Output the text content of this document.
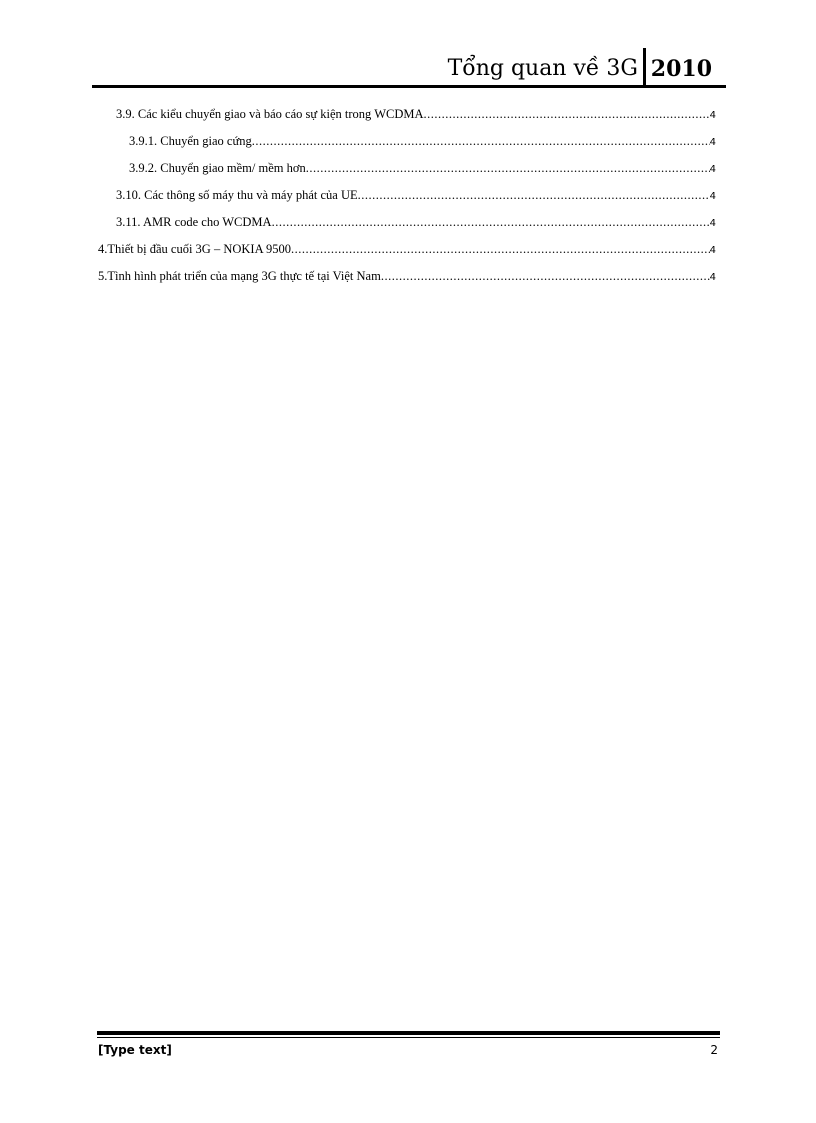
Tổng quan về 3G 2010
3.9. Các kiểu chuyển giao và báo cáo sự kiện trong WCDMA .....	4
3.9.1. Chuyển giao cứng .....	4
3.9.2. Chuyển giao mềm/ mềm hơn .....	4
3.10. Các thông số máy thu và máy phát của UE .....	4
3.11. AMR code cho WCDMA .....	4
4.Thiết bị đầu cuối 3G – NOKIA 9500 .....	4
5.Tình hình phát triển của mạng 3G thực tế tại Việt Nam .....	4
[Type text]	2
